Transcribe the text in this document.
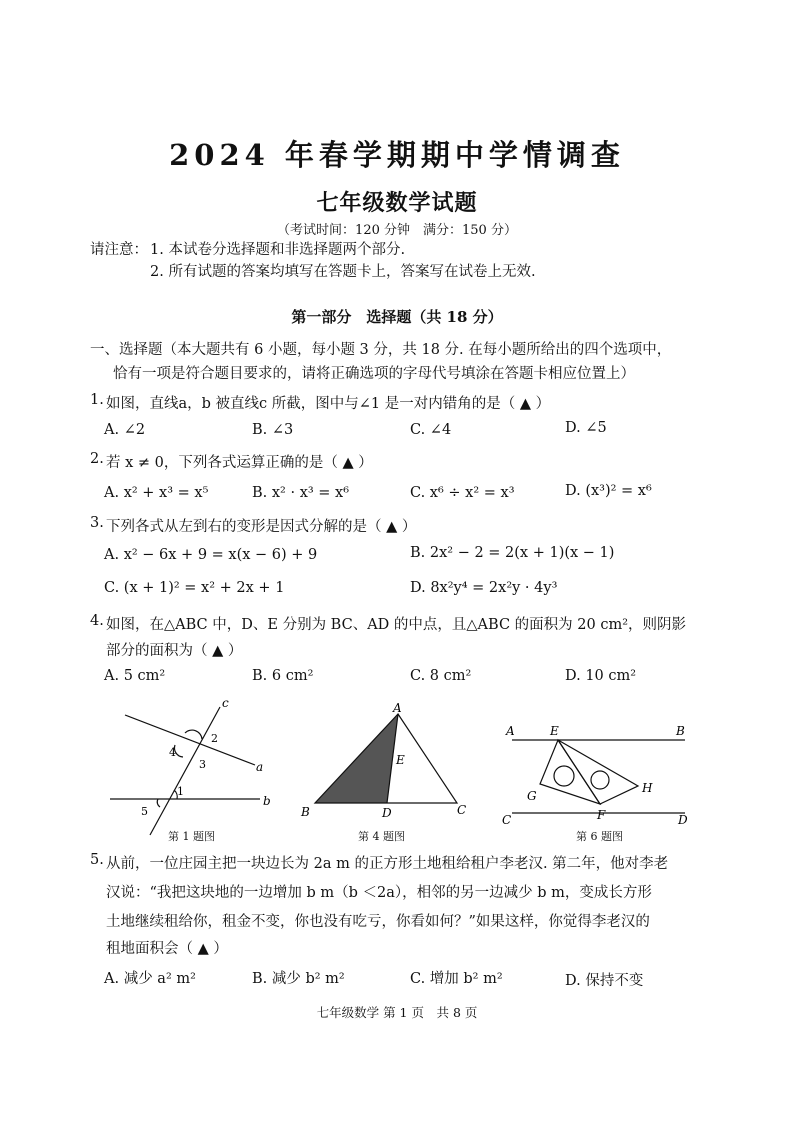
2024 年春学期期中学情调查
七年级数学试题
（考试时间：120 分钟　满分：150 分）
请注意： 1. 本试卷分选择题和非选择题两个部分.
2. 所有试题的答案均填写在答题卡上，答案写在试卷上无效.
第一部分　选择题（共 18 分）
一、选择题（本大题共有 6 小题，每小题 3 分，共 18 分. 在每小题所给出的四个选项中，
恰有一项是符合题目要求的，请将正确选项的字母代号填涂在答题卡相应位置上）
1. 如图，直线a，b 被直线c 所截，图中与∠1 是一对内错角的是（ ▲ ）
A. ∠2	B. ∠3	C. ∠4	D. ∠5
2. 若 x ≠ 0，下列各式运算正确的是（ ▲ ）
A. x² + x³ = x⁵	B. x² · x³ = x⁶	C. x⁶ ÷ x² = x³	D. (x³)² = x⁶
3. 下列各式从左到右的变形是因式分解的是（ ▲ ）
A. x² − 6x + 9 = x(x − 6) + 9	B. 2x² − 2 = 2(x + 1)(x − 1)
C. (x + 1)² = x² + 2x + 1	D. 8x²y⁴ = 2x²y · 4y³
4. 如图，在△ABC 中，D、E 分别为 BC、AD 的中点，且△ABC 的面积为 20 cm²，则阴影
部分的面积为（ ▲ ）
A. 5 cm²	B. 6 cm²	C. 8 cm²	D. 10 cm²
c
a
b
2
3
4
1
5
第 1 题图
A
B	C
D
E
第 4 题图
A	B
C	D
E
F
G
H
第 6 题图
5. 从前，一位庄园主把一块边长为 2a m 的正方形土地租给租户李老汉. 第二年，他对李老
汉说：“我把这块地的一边增加 b m（b ＜2a），相邻的另一边减少 b m，变成长方形
土地继续租给你，租金不变，你也没有吃亏，你看如何？”如果这样，你觉得李老汉的
租地面积会（ ▲ ）
A. 减少 a² m²	B. 减少 b² m²	C. 增加 b² m²	D. 保持不变
七年级数学 第 1 页　共 8 页
